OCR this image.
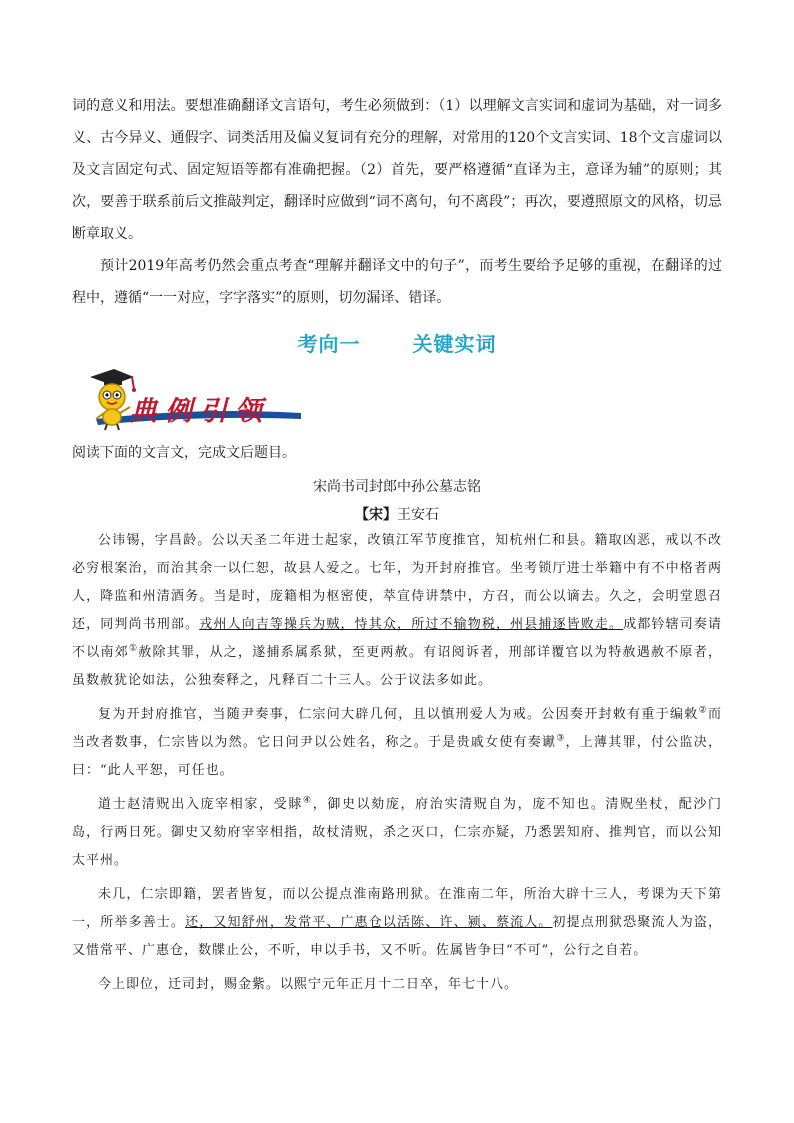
词的意义和用法。要想准确翻译文言语句，考生必须做到：（1）以理解文言实词和虚词为基础，对一词多义、古今异义、通假字、词类活用及偏义复词有充分的理解，对常用的120个文言实词、18个文言虚词以及文言固定句式、固定短语等都有准确把握。（2）首先，要严格遵循“直译为主，意译为辅”的原则；其次，要善于联系前后文推敲判定，翻译时应做到“词不离句，句不离段”；再次，要遵照原文的风格，切忌断章取义。

预计2019年高考仍然会重点考查“理解并翻译文中的句子”，而考生要给予足够的重视，在翻译的过程中，遵循“一一对应，字字落实”的原则，切勿漏译、错译。

考向一	关键实词
典例引领
阅读下面的文言文，完成文后题目。
宋尚书司封郎中孙公墓志铭
【宋】王安石

公讳锡，字昌龄。公以天圣二年进士起家，改镇江军节度推官，知杭州仁和县。籍取凶恶，戒以不改必穷根案治，而治其余一以仁恕，故县人爱之。七年，为开封府推官。坐考锁厅进士举籍中有不中格者两人，降监和州清酒务。当是时，庞籍相为枢密使，萃宣侍讲禁中，方召，而公以谪去。久之，会明堂恩召还，同判尚书刑部。戎州人向吉等操兵为贼，恃其众，所过不输物税，州县捕逐皆败走。成都钤辖司奏请不以南郊①赦除其罪，从之，遂捕系属系狱，至更两赦。有诏阅诉者，刑部详覆官以为特赦遇赦不原者，虽数赦犹论如法，公独奏释之，凡释百二十三人。公于议法多如此。

复为开封府推官，当随尹奏事，仁宗问大辟几何，且以慎刑爱人为戒。公因奏开封敕有重于编敕②而当改者数事，仁宗皆以为然。它日问尹以公姓名，称之。于是贵戚女使有奏谳③，上薄其罪，付公监决，曰：“此人平恕，可任也。

道士赵清贶出入庞宰相家，受賕④，御史以劾庞，府治实清贶自为，庞不知也。清贶坐杖，配沙门岛，行两日死。御史又劾府宰宰相指，故杖清贶，杀之灭口，仁宗亦疑，乃悉罢知府、推判官，而以公知太平州。

未几，仁宗即籍，罢者皆复，而以公提点淮南路刑狱。在淮南二年，所治大辟十三人，考课为天下第一，所举多善士。还，又知舒州，发常平、广惠仓以活陈、许、颍、蔡流人。初提点刑狱恐聚流人为盗，又惜常平、广惠仓，数牒止公，不听，申以手书，又不听。佐属皆争曰“不可”，公行之自若。

今上即位，迁司封，赐金紫。以熙宁元年正月十二日卒，年七十八。
